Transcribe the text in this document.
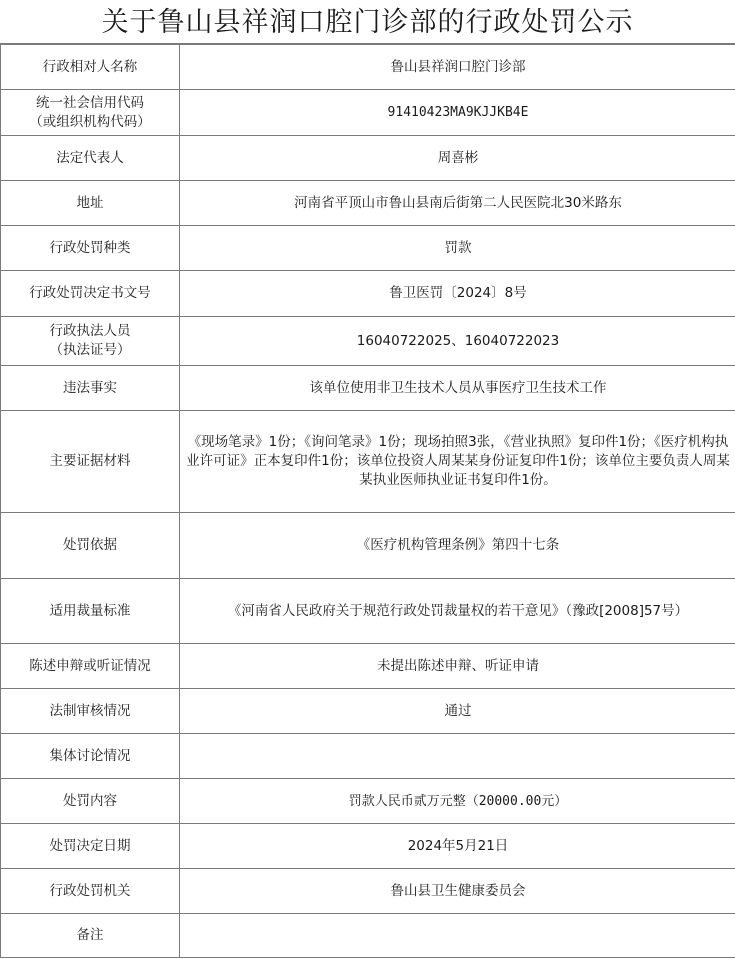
关于鲁山县祥润口腔门诊部的行政处罚公示
行政相对人名称	鲁山县祥润口腔门诊部
统一社会信用代码
（或组织机构代码）	91410423MA9KJJKB4E
法定代表人	周喜彬
地址	河南省平顶山市鲁山县南后街第二人民医院北30米路东
行政处罚种类	罚款
行政处罚决定书文号	鲁卫医罚〔2024〕8号
行政执法人员
（执法证号）	16040722025、16040722023
违法事实	该单位使用非卫生技术人员从事医疗卫生技术工作
主要证据材料	《现场笔录》1份；《询问笔录》1份；现场拍照3张，《营业执照》复印件1份；《医疗机构执业许可证》正本复印件1份；该单位投资人周某某身份证复印件1份；该单位主要负责人周某某执业医师执业证书复印件1份。
处罚依据	《医疗机构管理条例》第四十七条
适用裁量标准	《河南省人民政府关于规范行政处罚裁量权的若干意见》（豫政[2008]57号）
陈述申辩或听证情况	未提出陈述申辩、听证申请
法制审核情况	通过
集体讨论情况	
处罚内容	罚款人民币贰万元整（20000.00元）
处罚决定日期	2024年5月21日
行政处罚机关	鲁山县卫生健康委员会
备注	
